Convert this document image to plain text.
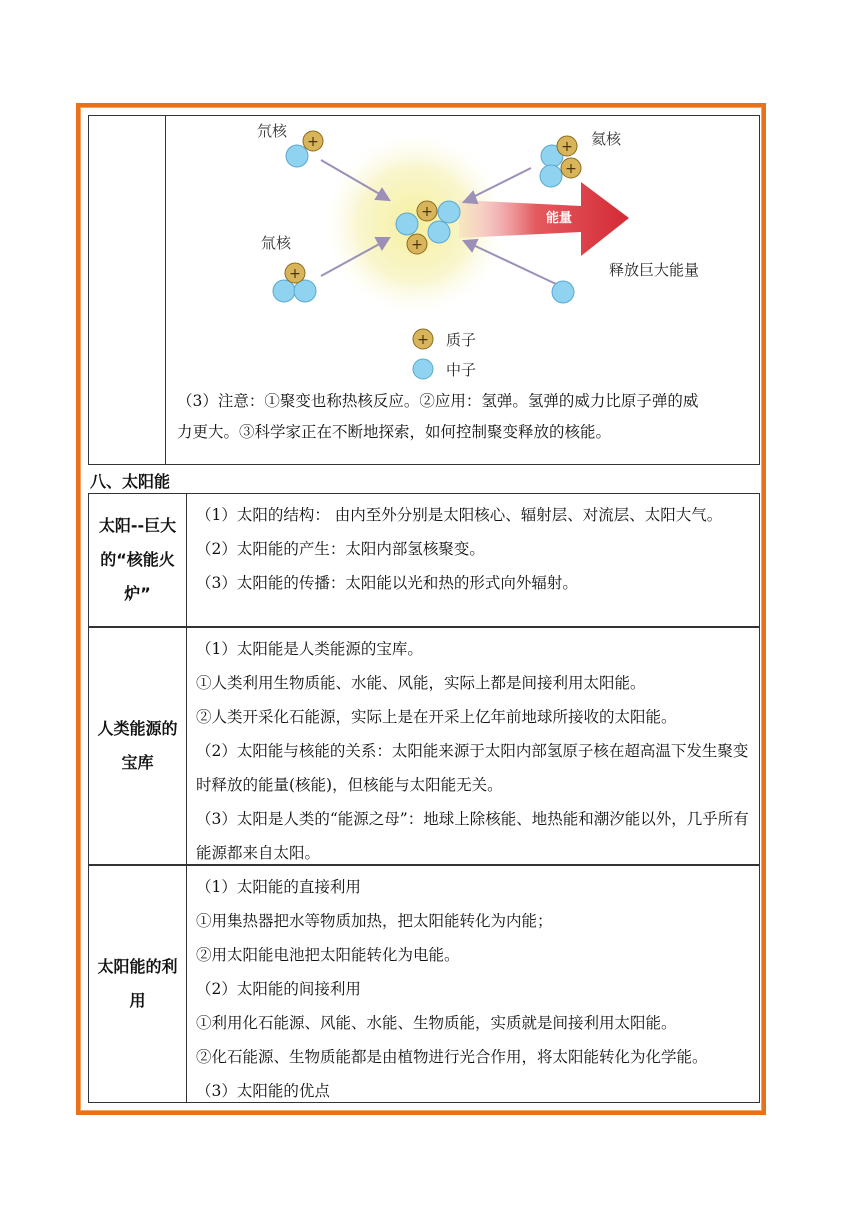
能量
+
氘核
+
氚核
+
+
+
+
氦核
释放巨大能量
+ 质子
中子
（3）注意：①聚变也称热核反应。②应用：氢弹。氢弹的威力比原子弹的威
力更大。③科学家正在不断地探索，如何控制聚变释放的核能。
八、太阳能
太阳--巨大的“核能火炉”

（1）太阳的结构： 由内至外分别是太阳核心、辐射层、对流层、太阳大气。

（2）太阳能的产生：太阳内部氢核聚变。

（3）太阳能的传播：太阳能以光和热的形式向外辐射。

人类能源的宝库

（1）太阳能是人类能源的宝库。

①人类利用生物质能、水能、风能，实际上都是间接利用太阳能。

②人类开采化石能源，实际上是在开采上亿年前地球所接收的太阳能。

（2）太阳能与核能的关系：太阳能来源于太阳内部氢原子核在超高温下发生聚变时释放的能量(核能)，但核能与太阳能无关。

（3）太阳是人类的“能源之母”：地球上除核能、地热能和潮汐能以外，几乎所有能源都来自太阳。

太阳能的利用

（1）太阳能的直接利用

①用集热器把水等物质加热，把太阳能转化为内能；

②用太阳能电池把太阳能转化为电能。

（2）太阳能的间接利用

①利用化石能源、风能、水能、生物质能，实质就是间接利用太阳能。

②化石能源、生物质能都是由植物进行光合作用，将太阳能转化为化学能。

（3）太阳能的优点
